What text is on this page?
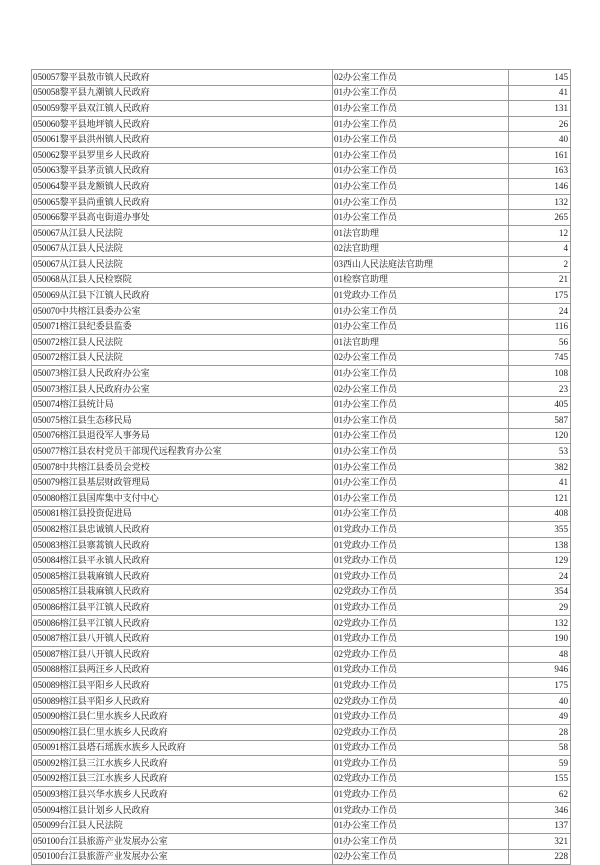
050057黎平县敖市镇人民政府	02办公室工作员	145
050058黎平县九潮镇人民政府	01办公室工作员	41
050059黎平县双江镇人民政府	01办公室工作员	131
050060黎平县地坪镇人民政府	01办公室工作员	26
050061黎平县洪州镇人民政府	01办公室工作员	40
050062黎平县罗里乡人民政府	01办公室工作员	161
050063黎平县茅贡镇人民政府	01办公室工作员	163
050064黎平县龙额镇人民政府	01办公室工作员	146
050065黎平县尚重镇人民政府	01办公室工作员	132
050066黎平县高屯街道办事处	01办公室工作员	265
050067从江县人民法院	01法官助理	12
050067从江县人民法院	02法官助理	4
050067从江县人民法院	03西山人民法庭法官助理	2
050068从江县人民检察院	01检察官助理	21
050069从江县下江镇人民政府	01党政办工作员	175
050070中共榕江县委办公室	01办公室工作员	24
050071榕江县纪委县监委	01办公室工作员	116
050072榕江县人民法院	01法官助理	56
050072榕江县人民法院	02办公室工作员	745
050073榕江县人民政府办公室	01办公室工作员	108
050073榕江县人民政府办公室	02办公室工作员	23
050074榕江县统计局	01办公室工作员	405
050075榕江县生态移民局	01办公室工作员	587
050076榕江县退役军人事务局	01办公室工作员	120
050077榕江县农村党员干部现代远程教育办公室	01办公室工作员	53
050078中共榕江县委员会党校	01办公室工作员	382
050079榕江县基层财政管理局	01办公室工作员	41
050080榕江县国库集中支付中心	01办公室工作员	121
050081榕江县投资促进局	01办公室工作员	408
050082榕江县忠诚镇人民政府	01党政办工作员	355
050083榕江县寨蒿镇人民政府	01党政办工作员	138
050084榕江县平永镇人民政府	01党政办工作员	129
050085榕江县栽麻镇人民政府	01党政办工作员	24
050085榕江县栽麻镇人民政府	02党政办工作员	354
050086榕江县平江镇人民政府	01党政办工作员	29
050086榕江县平江镇人民政府	02党政办工作员	132
050087榕江县八开镇人民政府	01党政办工作员	190
050087榕江县八开镇人民政府	02党政办工作员	48
050088榕江县两汪乡人民政府	01党政办工作员	946
050089榕江县平阳乡人民政府	01党政办工作员	175
050089榕江县平阳乡人民政府	02党政办工作员	40
050090榕江县仁里水族乡人民政府	01党政办工作员	49
050090榕江县仁里水族乡人民政府	02党政办工作员	28
050091榕江县塔石瑶族水族乡人民政府	01党政办工作员	58
050092榕江县三江水族乡人民政府	01党政办工作员	59
050092榕江县三江水族乡人民政府	02党政办工作员	155
050093榕江县兴华水族乡人民政府	01党政办工作员	62
050094榕江县计划乡人民政府	01党政办工作员	346
050099台江县人民法院	01办公室工作员	137
050100台江县旅游产业发展办公室	01办公室工作员	321
050100台江县旅游产业发展办公室	02办公室工作员	228
